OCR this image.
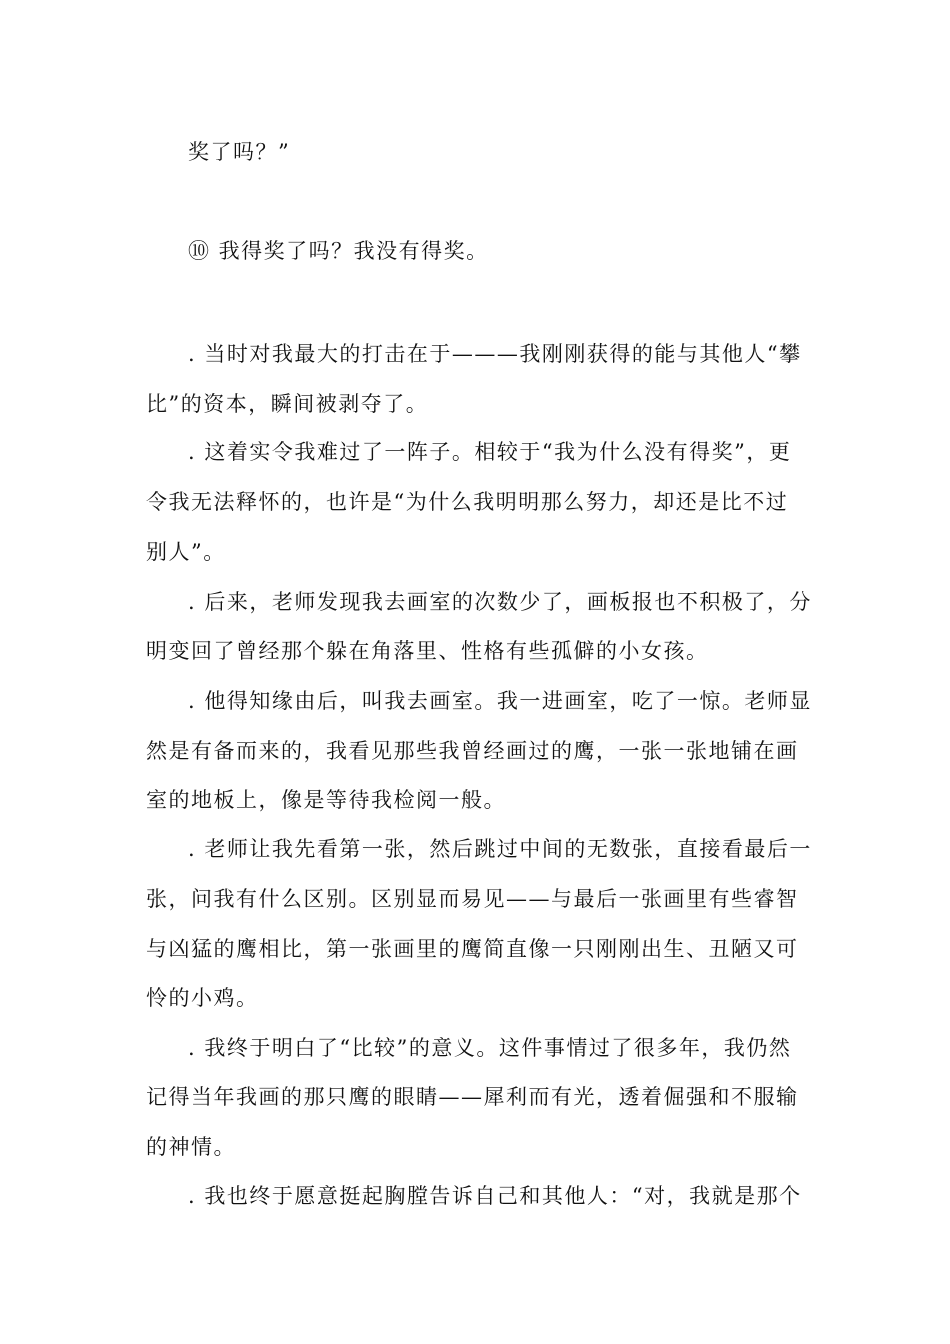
奖了吗？”

⑩ 我得奖了吗？我没有得奖。

. 当时对我最大的打击在于———我刚刚获得的能与其他人“攀

比”的资本，瞬间被剥夺了。

. 这着实令我难过了一阵子。相较于“我为什么没有得奖”，更

令我无法释怀的，也许是“为什么我明明那么努力，却还是比不过

别人”。

. 后来，老师发现我去画室的次数少了，画板报也不积极了，分

明变回了曾经那个躲在角落里、性格有些孤僻的小女孩。

. 他得知缘由后，叫我去画室。我一进画室，吃了一惊。老师显

然是有备而来的，我看见那些我曾经画过的鹰，一张一张地铺在画

室的地板上，像是等待我检阅一般。

. 老师让我先看第一张，然后跳过中间的无数张，直接看最后一

张，问我有什么区别。区别显而易见——与最后一张画里有些睿智

与凶猛的鹰相比，第一张画里的鹰简直像一只刚刚出生、丑陋又可

怜的小鸡。

. 我终于明白了“比较”的意义。这件事情过了很多年，我仍然

记得当年我画的那只鹰的眼睛——犀利而有光，透着倔强和不服输

的神情。

. 我也终于愿意挺起胸膛告诉自己和其他人：“对，我就是那个
